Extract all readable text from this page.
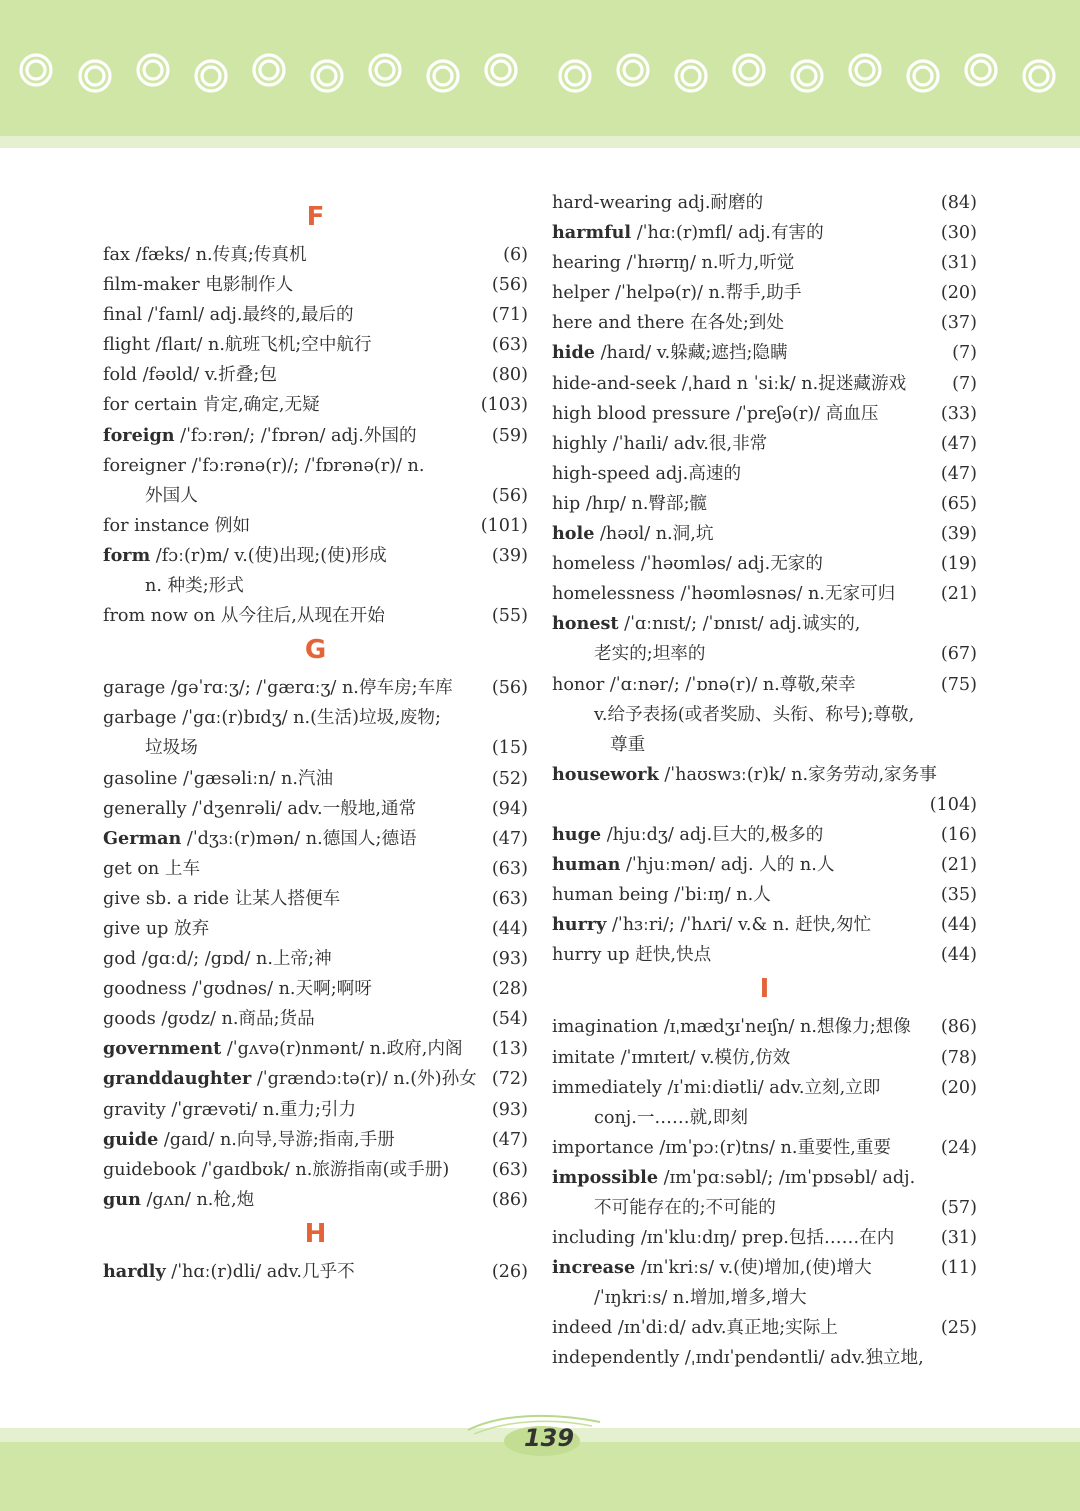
F
fax /fæks/ n.传真;传真机	(6)
film-maker 电影制作人	(56)
final /ˈfaɪnl/ adj.最终的,最后的	(71)
flight /flaɪt/ n.航班飞机;空中航行	(63)
fold /fəʊld/ v.折叠;包	(80)
for certain 肯定,确定,无疑	(103)
foreign /ˈfɔːrən/; /ˈfɒrən/ adj.外国的	(59)
foreigner /ˈfɔːrənə(r)/; /ˈfɒrənə(r)/ n.
外国人	(56)
for instance 例如	(101)
form /fɔː(r)m/ v.(使)出现;(使)形成	(39)
n. 种类;形式
from now on 从今往后,从现在开始	(55)
G
garage /gəˈrɑːʒ/; /ˈgærɑːʒ/ n.停车房;车库	(56)
garbage /ˈgɑː(r)bɪdʒ/ n.(生活)垃圾,废物;
垃圾场	(15)
gasoline /ˈgæsəliːn/ n.汽油	(52)
generally /ˈdʒenrəli/ adv.一般地,通常	(94)
German /ˈdʒɜː(r)mən/ n.德国人;德语	(47)
get on 上车	(63)
give sb. a ride 让某人搭便车	(63)
give up 放弃	(44)
god /gɑːd/; /gɒd/ n.上帝;神	(93)
goodness /ˈgʊdnəs/ n.天啊;啊呀	(28)
goods /gʊdz/ n.商品;货品	(54)
government /ˈgʌvə(r)nmənt/ n.政府,内阁	(13)
granddaughter /ˈgrændɔːtə(r)/ n.(外)孙女 (72)
gravity /ˈgrævəti/ n.重力;引力	(93)
guide /gaɪd/ n.向导,导游;指南,手册	(47)
guidebook /ˈgaɪdbʊk/ n.旅游指南(或手册)	(63)
gun /gʌn/ n.枪,炮	(86)
H
hardly /ˈhɑː(r)dli/ adv.几乎不	(26)
hard-wearing adj.耐磨的	(84)
harmful /ˈhɑː(r)mfl/ adj.有害的	(30)
hearing /ˈhɪərɪŋ/ n.听力,听觉	(31)
helper /ˈhelpə(r)/ n.帮手,助手	(20)
here and there 在各处;到处	(37)
hide /haɪd/ v.躲藏;遮挡;隐瞒	(7)
hide-and-seek /ˌhaɪd n ˈsiːk/ n.捉迷藏游戏	(7)
high blood pressure /ˈpreʃə(r)/ 高血压	(33)
highly /ˈhaɪli/ adv.很,非常	(47)
high-speed adj.高速的	(47)
hip /hɪp/ n.臀部;髋	(65)
hole /həʊl/ n.洞,坑	(39)
homeless /ˈhəʊmləs/ adj.无家的	(19)
homelessness /ˈhəʊmləsnəs/ n.无家可归	(21)
honest /ˈɑːnɪst/; /ˈɒnɪst/ adj.诚实的,
老实的;坦率的	(67)
honor /ˈɑːnər/; /ˈɒnə(r)/ n.尊敬,荣幸	(75)
v.给予表扬(或者奖励、头衔、称号);尊敬,
尊重
housework /ˈhaʊswɜː(r)k/ n.家务劳动,家务事
(104)
huge /hjuːdʒ/ adj.巨大的,极多的	(16)
human /ˈhjuːmən/ adj. 人的 n.人	(21)
human being /ˈbiːɪŋ/ n.人	(35)
hurry /ˈhɜːri/; /ˈhʌri/ v.& n. 赶快,匆忙	(44)
hurry up 赶快,快点	(44)
I
imagination /ɪˌmædʒɪˈneɪʃn/ n.想像力;想像	(86)
imitate /ˈɪmɪteɪt/ v.模仿,仿效	(78)
immediately /ɪˈmiːdiətli/ adv.立刻,立即	(20)
conj.一……就,即刻
importance /ɪmˈpɔː(r)tns/ n.重要性,重要	(24)
impossible /ɪmˈpɑːsəbl/; /ɪmˈpɒsəbl/ adj.
不可能存在的;不可能的	(57)
including /ɪnˈkluːdɪŋ/ prep.包括……在内	(31)
increase /ɪnˈkriːs/ v.(使)增加,(使)增大	(11)
/ˈɪŋkriːs/ n.增加,增多,增大
indeed /ɪnˈdiːd/ adv.真正地;实际上	(25)
independently /ˌɪndɪˈpendəntli/ adv.独立地,
139
